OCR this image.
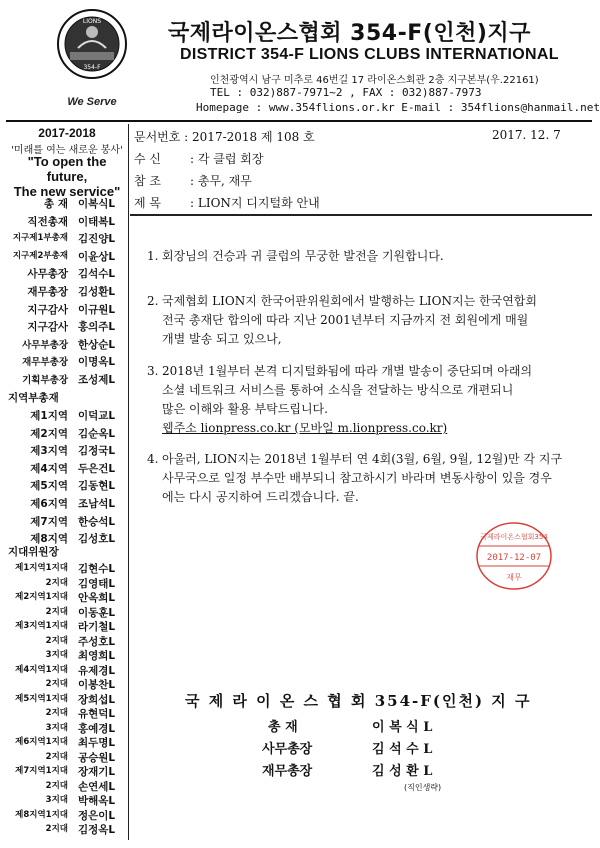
LIONS
354-F
We Serve
국제라이온스협회 354-F(인천)지구
DISTRICT 354-F LIONS CLUBS INTERNATIONAL
인천광역시 남구 미추로 46번길 17 라이온스회관 2층 지구본부(우.22161)
TEL : 032)887-7971~2 , FAX : 032)887-7973
Homepage : www.354flions.or.kr E-mail : 354flions@hanmail.net
2017-2018
'미래를 여는 새로운 봉사'
"To open the future,
The new service"
총 재 이복식L
직전총재 이태복L
지구제1부총재 김진양L
지구제2부총재 이윤상L
사무총장 김석수L
재무총장 김성환L
지구감사 이규원L
지구감사 홍의주L
사무부총장 한상순L
재무부총장 이명옥L
기획부총장 조성제L
지역부총재
제1지역 이덕교L
제2지역 김순옥L
제3지역 김정국L
제4지역 두은건L
제5지역 김동현L
제6지역 조남석L
제7지역 한승석L
제8지역 김성호L
지대위원장
제1지역1지대 김현수L
2지대 김영태L
제2지역1지대 안옥희L
2지대 이동훈L
제3지역1지대 라기철L
2지대 주성호L
3지대 최영희L
제4지역1지대 유제경L
2지대 이봉찬L
제5지역1지대 장희섭L
2지대 유현덕L
3지대 홍예경L
제6지역1지대 최두명L
2지대 공승원L
제7지역1지대 장재기L
2지대 손연세L
3지대 박해옥L
제8지역1지대 정은이L
2지대 김정옥L
문서번호 : 2017-2018 제 108 호	2017. 12. 7
수 신 : 각 클럽 회장
참 조 : 총무, 재무
제 목 : LION지 디지털화 안내
1. 회장님의 건승과 귀 클럽의 무궁한 발전을 기원합니다.
2. 국제협회 LION지 한국어판위원회에서 발행하는 LION지는 한국연합회
전국 총재단 합의에 따라 지난 2001년부터 지금까지 전 회원에게 매월
개별 발송 되고 있으나,
3. 2018년 1월부터 본격 디지털화됨에 따라 개별 발송이 중단되며 아래의
소셜 네트워크 서비스를 통하여 소식을 전달하는 방식으로 개편되니
많은 이해와 활용 부탁드립니다.
웹주소 lionpress.co.kr (모바일 m.lionpress.co.kr)
4. 아울러, LION지는 2018년 1월부터 연 4회(3월, 6월, 9월, 12월)만 각 지구
사무국으로 일정 부수만 배부되니 참고하시기 바라며 변동사항이 있을 경우
에는 다시 공지하여 드리겠습니다. 끝.
국제라이온스협회354
2017-12-07
재무
국 제 라 이 온 스 협 회 354-F(인천) 지 구
총 재	이 복 식 L
사무총장	김 석 수 L
재무총장	김 성 환 L
(직인생략)
